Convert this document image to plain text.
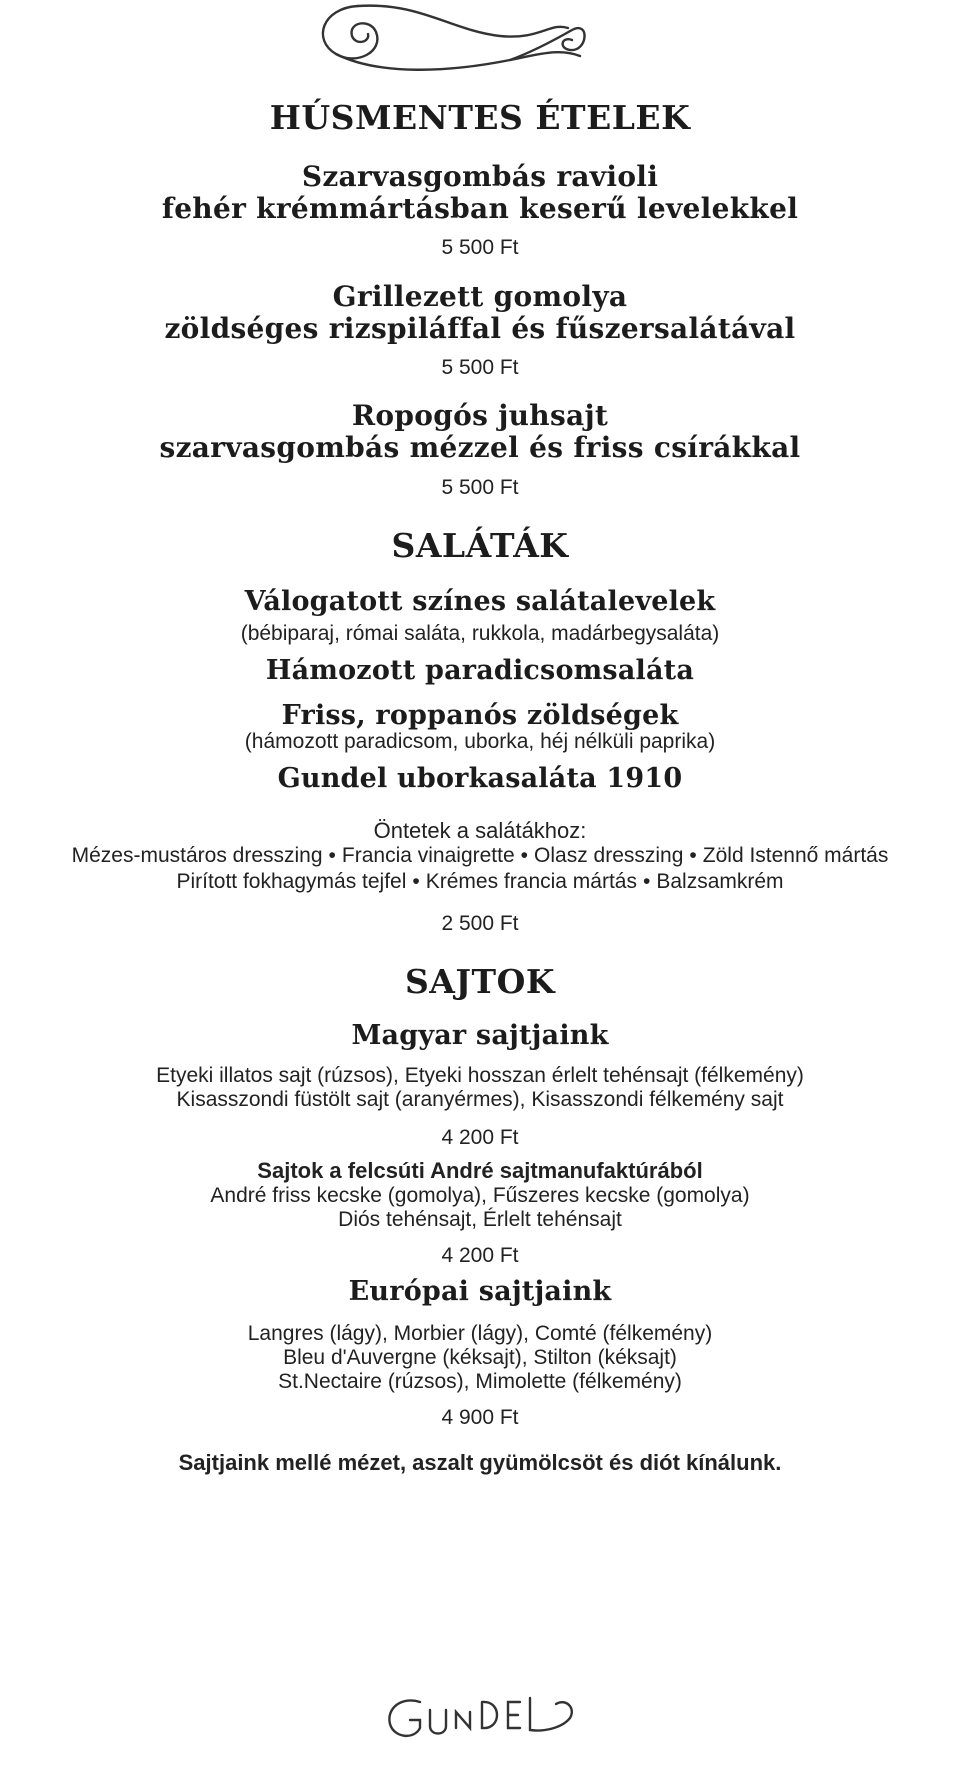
HÚSMENTES ÉTELEK
Szarvasgombás ravioli
fehér krémmártásban keserű levelekkel
5 500 Ft
Grillezett gomolya
zöldséges rizspiláffal és fűszersalátával
5 500 Ft
Ropogós juhsajt
szarvasgombás mézzel és friss csírákkal
5 500 Ft
SALÁTÁK
Válogatott színes salátalevelek
(bébiparaj, római saláta, rukkola, madárbegysaláta)
Hámozott paradicsomsaláta
Friss, roppanós zöldségek
(hámozott paradicsom, uborka, héj nélküli paprika)
Gundel uborkasaláta 1910
Öntetek a salátákhoz:
Mézes-mustáros dresszing • Francia vinaigrette • Olasz dresszing • Zöld Istennő mártás
Pirított fokhagymás tejfel • Krémes francia mártás • Balzsamkrém
2 500 Ft
SAJTOK
Magyar sajtjaink
Etyeki illatos sajt (rúzsos), Etyeki hosszan érlelt tehénsajt (félkemény)
Kisasszondi füstölt sajt (aranyérmes), Kisasszondi félkemény sajt
4 200 Ft
Sajtok a felcsúti André sajtmanufaktúrából
André friss kecske (gomolya), Fűszeres kecske (gomolya)
Diós tehénsajt, Érlelt tehénsajt
4 200 Ft
Európai sajtjaink
Langres (lágy), Morbier (lágy), Comté (félkemény)
Bleu d'Auvergne (kéksajt), Stilton (kéksajt)
St.Nectaire (rúzsos), Mimolette (félkemény)
4 900 Ft
Sajtjaink mellé mézet, aszalt gyümölcsöt és diót kínálunk.
